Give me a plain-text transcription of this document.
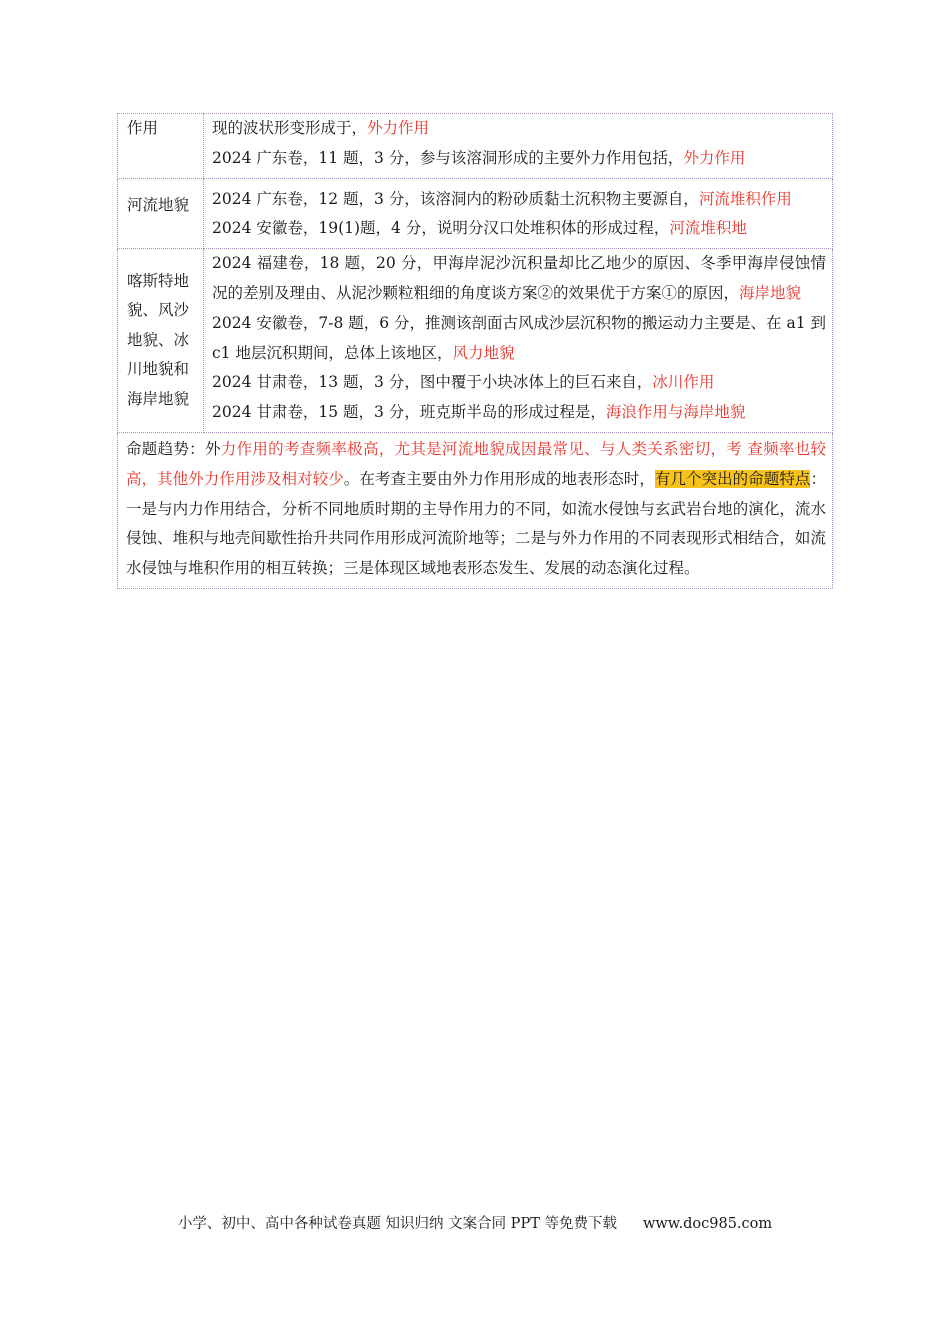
作用	现的波状形变形成于，外力作用
2024 广东卷，11 题，3 分，参与该溶洞形成的主要外力作用包括，外力作用

河流地貌	2024 广东卷，12 题，3 分，该溶洞内的粉砂质黏土沉积物主要源自，河流堆积作用
2024 安徽卷，19(1)题，4 分，说明分汉口处堆积体的形成过程，河流堆积地

喀斯特地貌、风沙地貌、冰川地貌和海岸地貌	2024 福建卷，18 题，20 分，甲海岸泥沙沉积量却比乙地少的原因、冬季甲海岸侵蚀情况的差别及理由、从泥沙颗粒粗细的角度谈方案②的效果优于方案①的原因，海岸地貌
2024 安徽卷，7-8 题，6 分，推测该剖面古风成沙层沉积物的搬运动力主要是、在 a1 到 c1 地层沉积期间，总体上该地区，风力地貌
2024 甘肃卷，13 题，3 分，图中覆于小块冰体上的巨石来自，冰川作用
2024 甘肃卷，15 题，3 分，班克斯半岛的形成过程是，海浪作用与海岸地貌

命题趋势：外力作用的考查频率极高，尤其是河流地貌成因最常见、与人类关系密切，考 查频率也较高，其他外力作用涉及相对较少。在考查主要由外力作用形成的地表形态时，有几个突出的命题特点：一是与内力作用结合，分析不同地质时期的主导作用力的不同，如流水侵蚀与玄武岩台地的演化，流水侵蚀、堆积与地壳间歇性抬升共同作用形成河流阶地等；二是与外力作用的不同表现形式相结合，如流水侵蚀与堆积作用的相互转换；三是体现区域地表形态发生、发展的动态演化过程。	
小学、初中、高中各种试卷真题 知识归纳 文案合同 PPT 等免费下载 www.doc985.com
